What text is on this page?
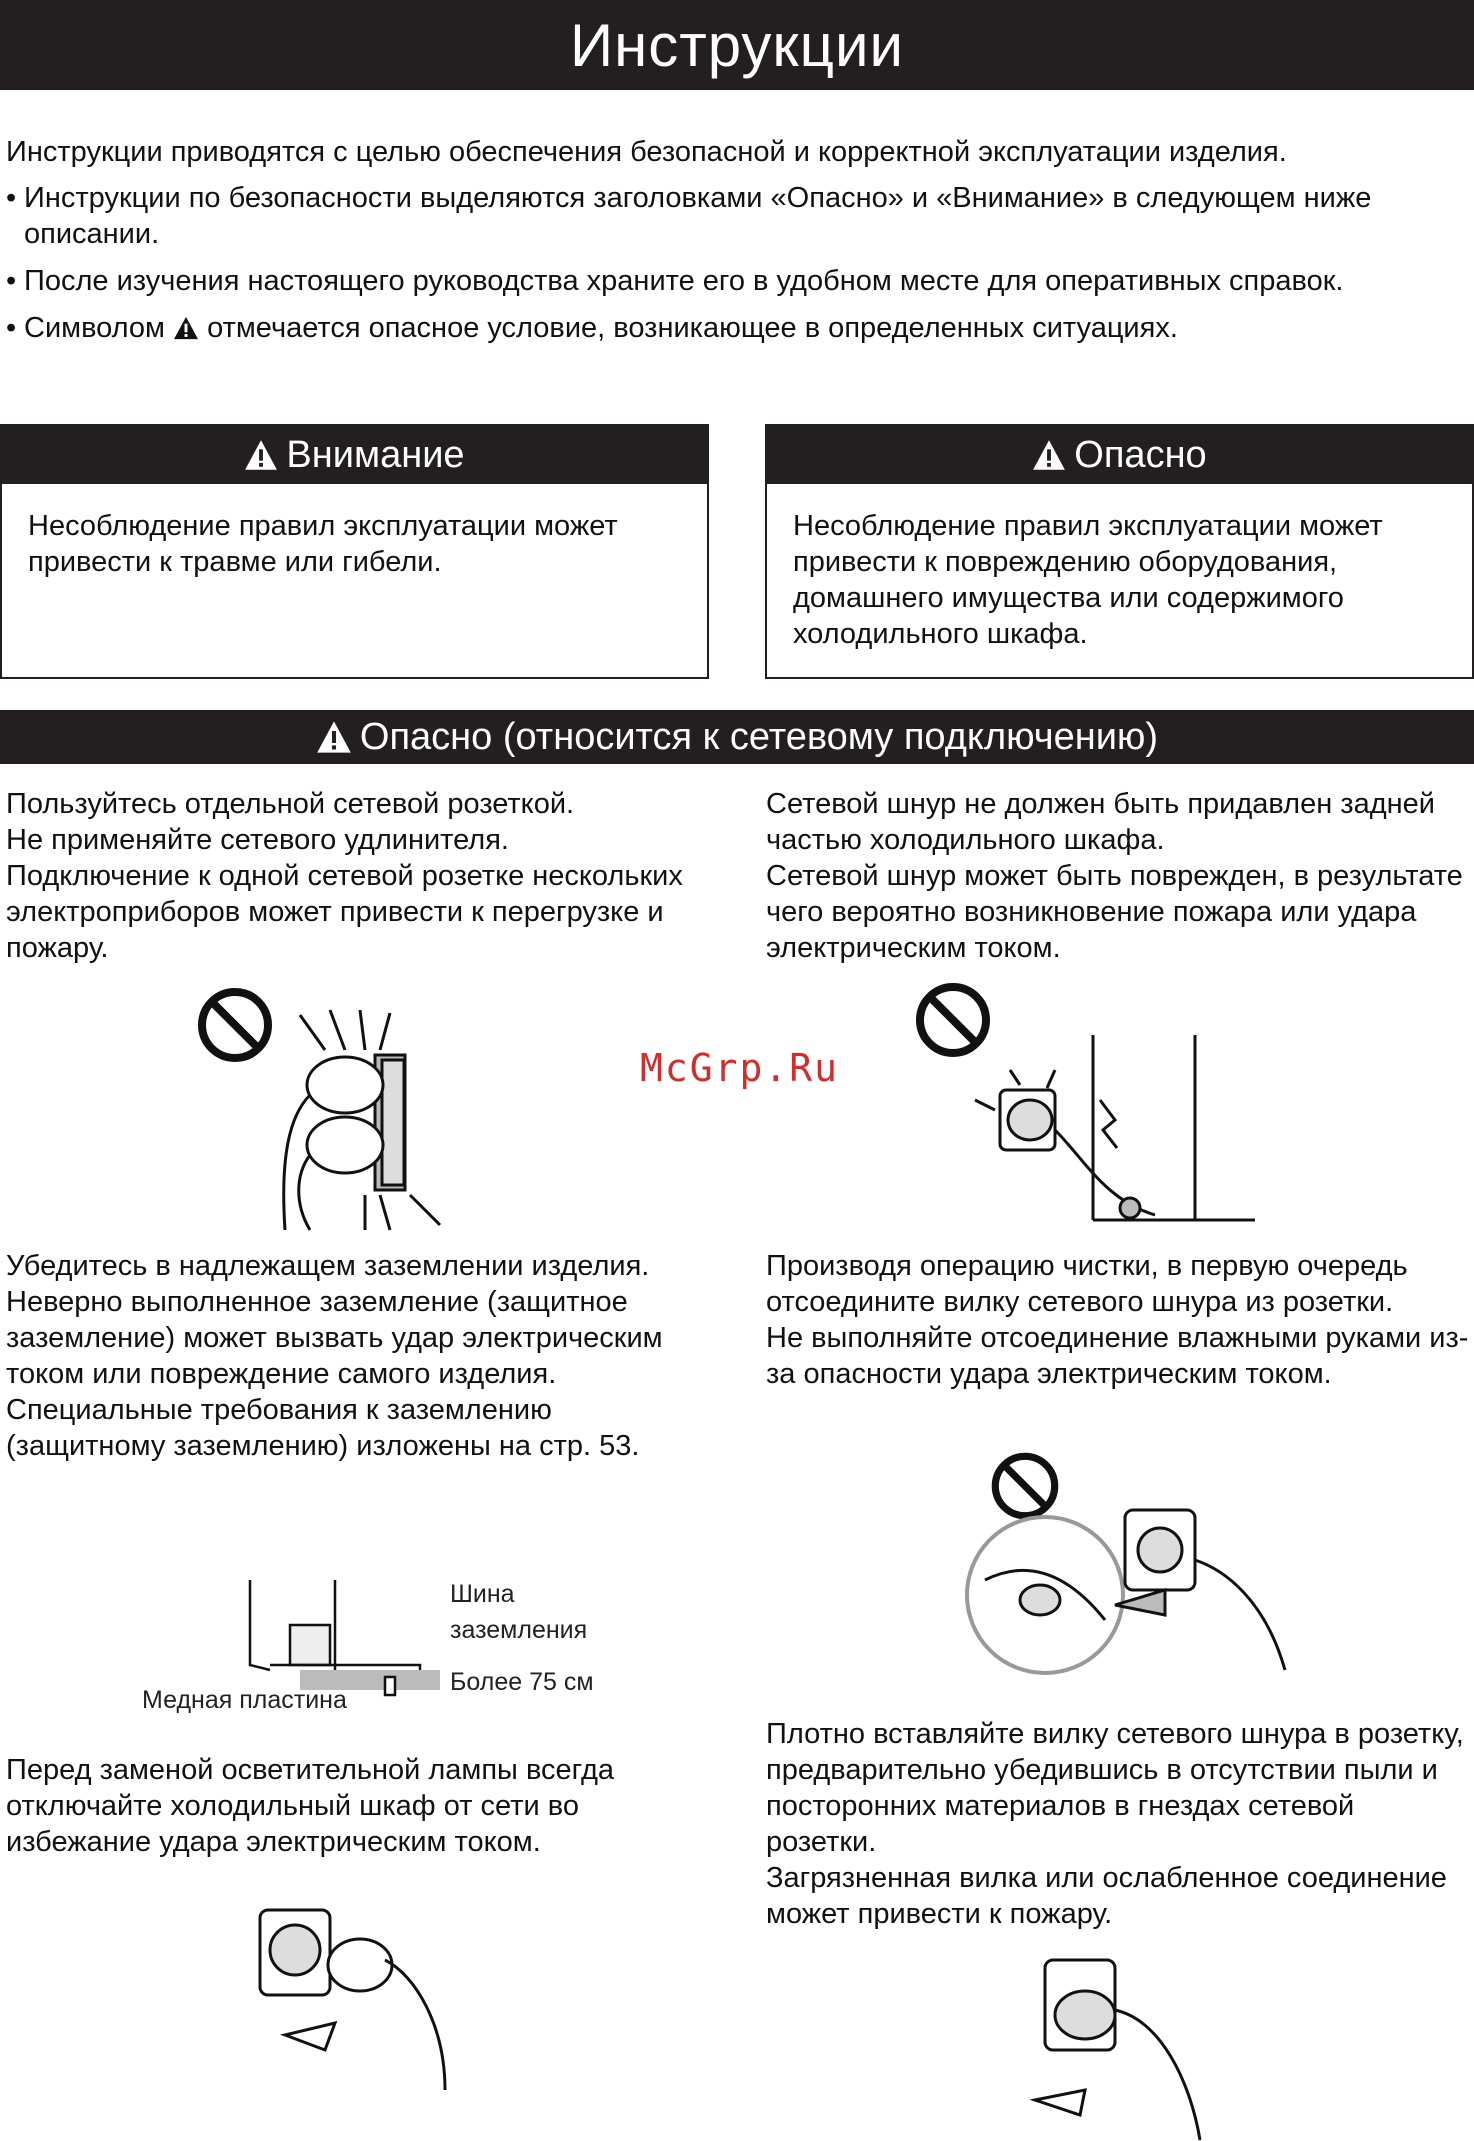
Инструкции

Инструкции приводятся с целью обеспечения безопасной и корректной эксплуатации изделия.

• Инструкции по безопасности выделяются заголовками «Опасно» и «Внимание» в следующем ниже описании.
• После изучения настоящего руководства храните его в удобном месте для оперативных справок.
• Символом отмечается опасное условие, возникающее в определенных ситуациях.
Внимание
Несоблюдение правил эксплуатации может привести к травме или гибели.
Опасно
Несоблюдение правил эксплуатации может привести к повреждению оборудования, домашнего имущества или содержимого холодильного шкафа.
Опасно (относится к сетевому подключению)

Пользуйтесь отдельной сетевой розеткой.

Не применяйте сетевого удлинителя.

Подключение к одной сетевой розетке нескольких электроприборов может привести к перегрузке и пожару.

Сетевой шнур не должен быть придавлен задней частью холодильного шкафа.

Сетевой шнур может быть поврежден, в результате чего вероятно возникновение пожара или удара электрическим током.

McGrp.Ru

Убедитесь в надлежащем заземлении изделия.

Неверно выполненное заземление (защитное заземление) может вызвать удар электрическим током или повреждение самого изделия.

Специальные требования к заземлению (защитному заземлению) изложены на стр. 53.

Шина
заземления
Более 75 см
Медная пластина

Производя операцию чистки, в первую очередь отсоедините вилку сетевого шнура из розетки.

Не выполняйте отсоединение влажными руками из-за опасности удара электрическим током.

Перед заменой осветительной лампы всегда отключайте холодильный шкаф от сети во избежание удара электрическим током.

Плотно вставляйте вилку сетевого шнура в розетку, предварительно убедившись в отсутствии пыли и посторонних материалов в гнездах сетевой розетки.

Загрязненная вилка или ослабленное соединение может привести к пожару.
